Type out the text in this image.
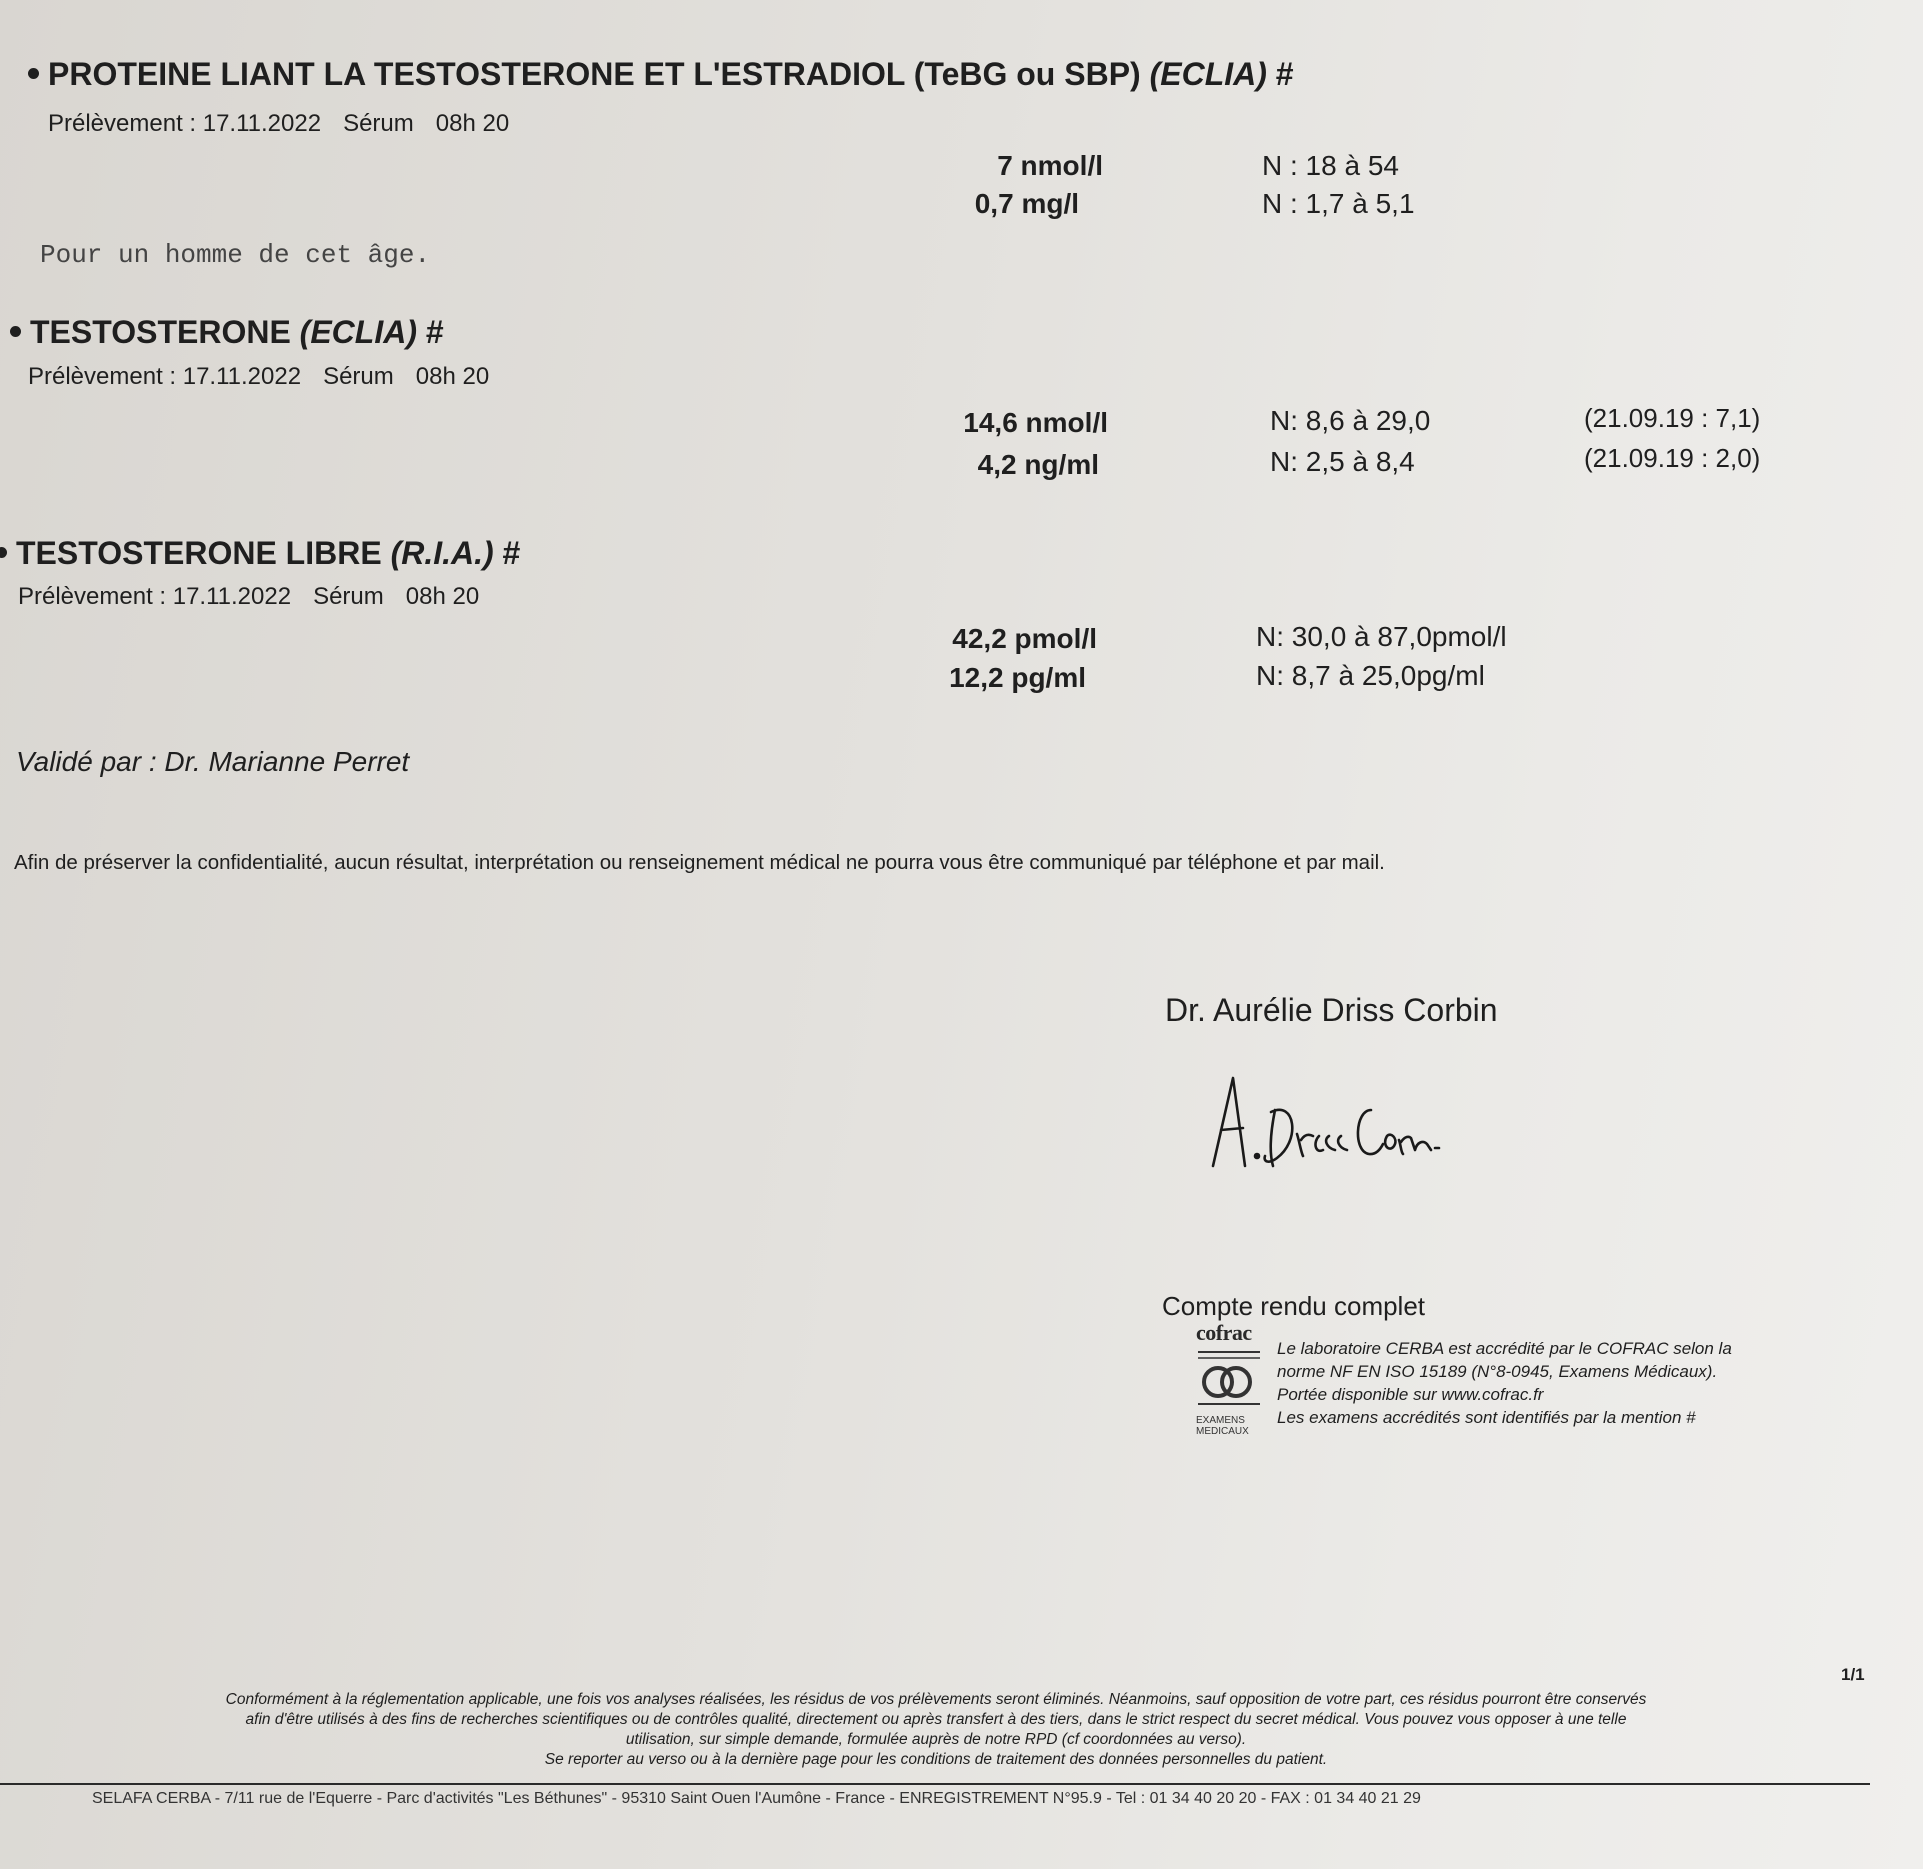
PROTEINE LIANT LA TESTOSTERONE ET L'ESTRADIOL (TeBG ou SBP) (ECLIA) #
Prélèvement : 17.11.2022 Sérum 08h 20
7 nmol/l	N : 18 à 54
0,7 mg/l	N : 1,7 à 5,1
Pour un homme de cet âge.
TESTOSTERONE (ECLIA) #
Prélèvement : 17.11.2022 Sérum 08h 20
14,6 nmol/l	N: 8,6 à 29,0	(21.09.19 : 7,1)
4,2 ng/ml	N: 2,5 à 8,4	(21.09.19 : 2,0)
TESTOSTERONE LIBRE (R.I.A.) #
Prélèvement : 17.11.2022 Sérum 08h 20
42,2 pmol/l	N: 30,0 à 87,0pmol/l
12,2 pg/ml	N: 8,7 à 25,0pg/ml
Validé par : Dr. Marianne Perret
Afin de préserver la confidentialité, aucun résultat, interprétation ou renseignement médical ne pourra vous être communiqué par téléphone et par mail.
Dr. Aurélie Driss Corbin
Compte rendu complet
cofrac
EXAMENS MEDICAUX
Le laboratoire CERBA est accrédité par le COFRAC selon la
norme NF EN ISO 15189 (N°8-0945, Examens Médicaux).
Portée disponible sur www.cofrac.fr
Les examens accrédités sont identifiés par la mention #
1/1
Conformément à la réglementation applicable, une fois vos analyses réalisées, les résidus de vos prélèvements seront éliminés. Néanmoins, sauf opposition de votre part, ces résidus pourront être conservés
afin d'être utilisés à des fins de recherches scientifiques ou de contrôles qualité, directement ou après transfert à des tiers, dans le strict respect du secret médical. Vous pouvez vous opposer à une telle
utilisation, sur simple demande, formulée auprès de notre RPD (cf coordonnées au verso).
Se reporter au verso ou à la dernière page pour les conditions de traitement des données personnelles du patient.
SELAFA CERBA - 7/11 rue de l'Equerre - Parc d'activités "Les Béthunes" - 95310 Saint Ouen l'Aumône - France - ENREGISTREMENT N°95.9 - Tel : 01 34 40 20 20 - FAX : 01 34 40 21 29
